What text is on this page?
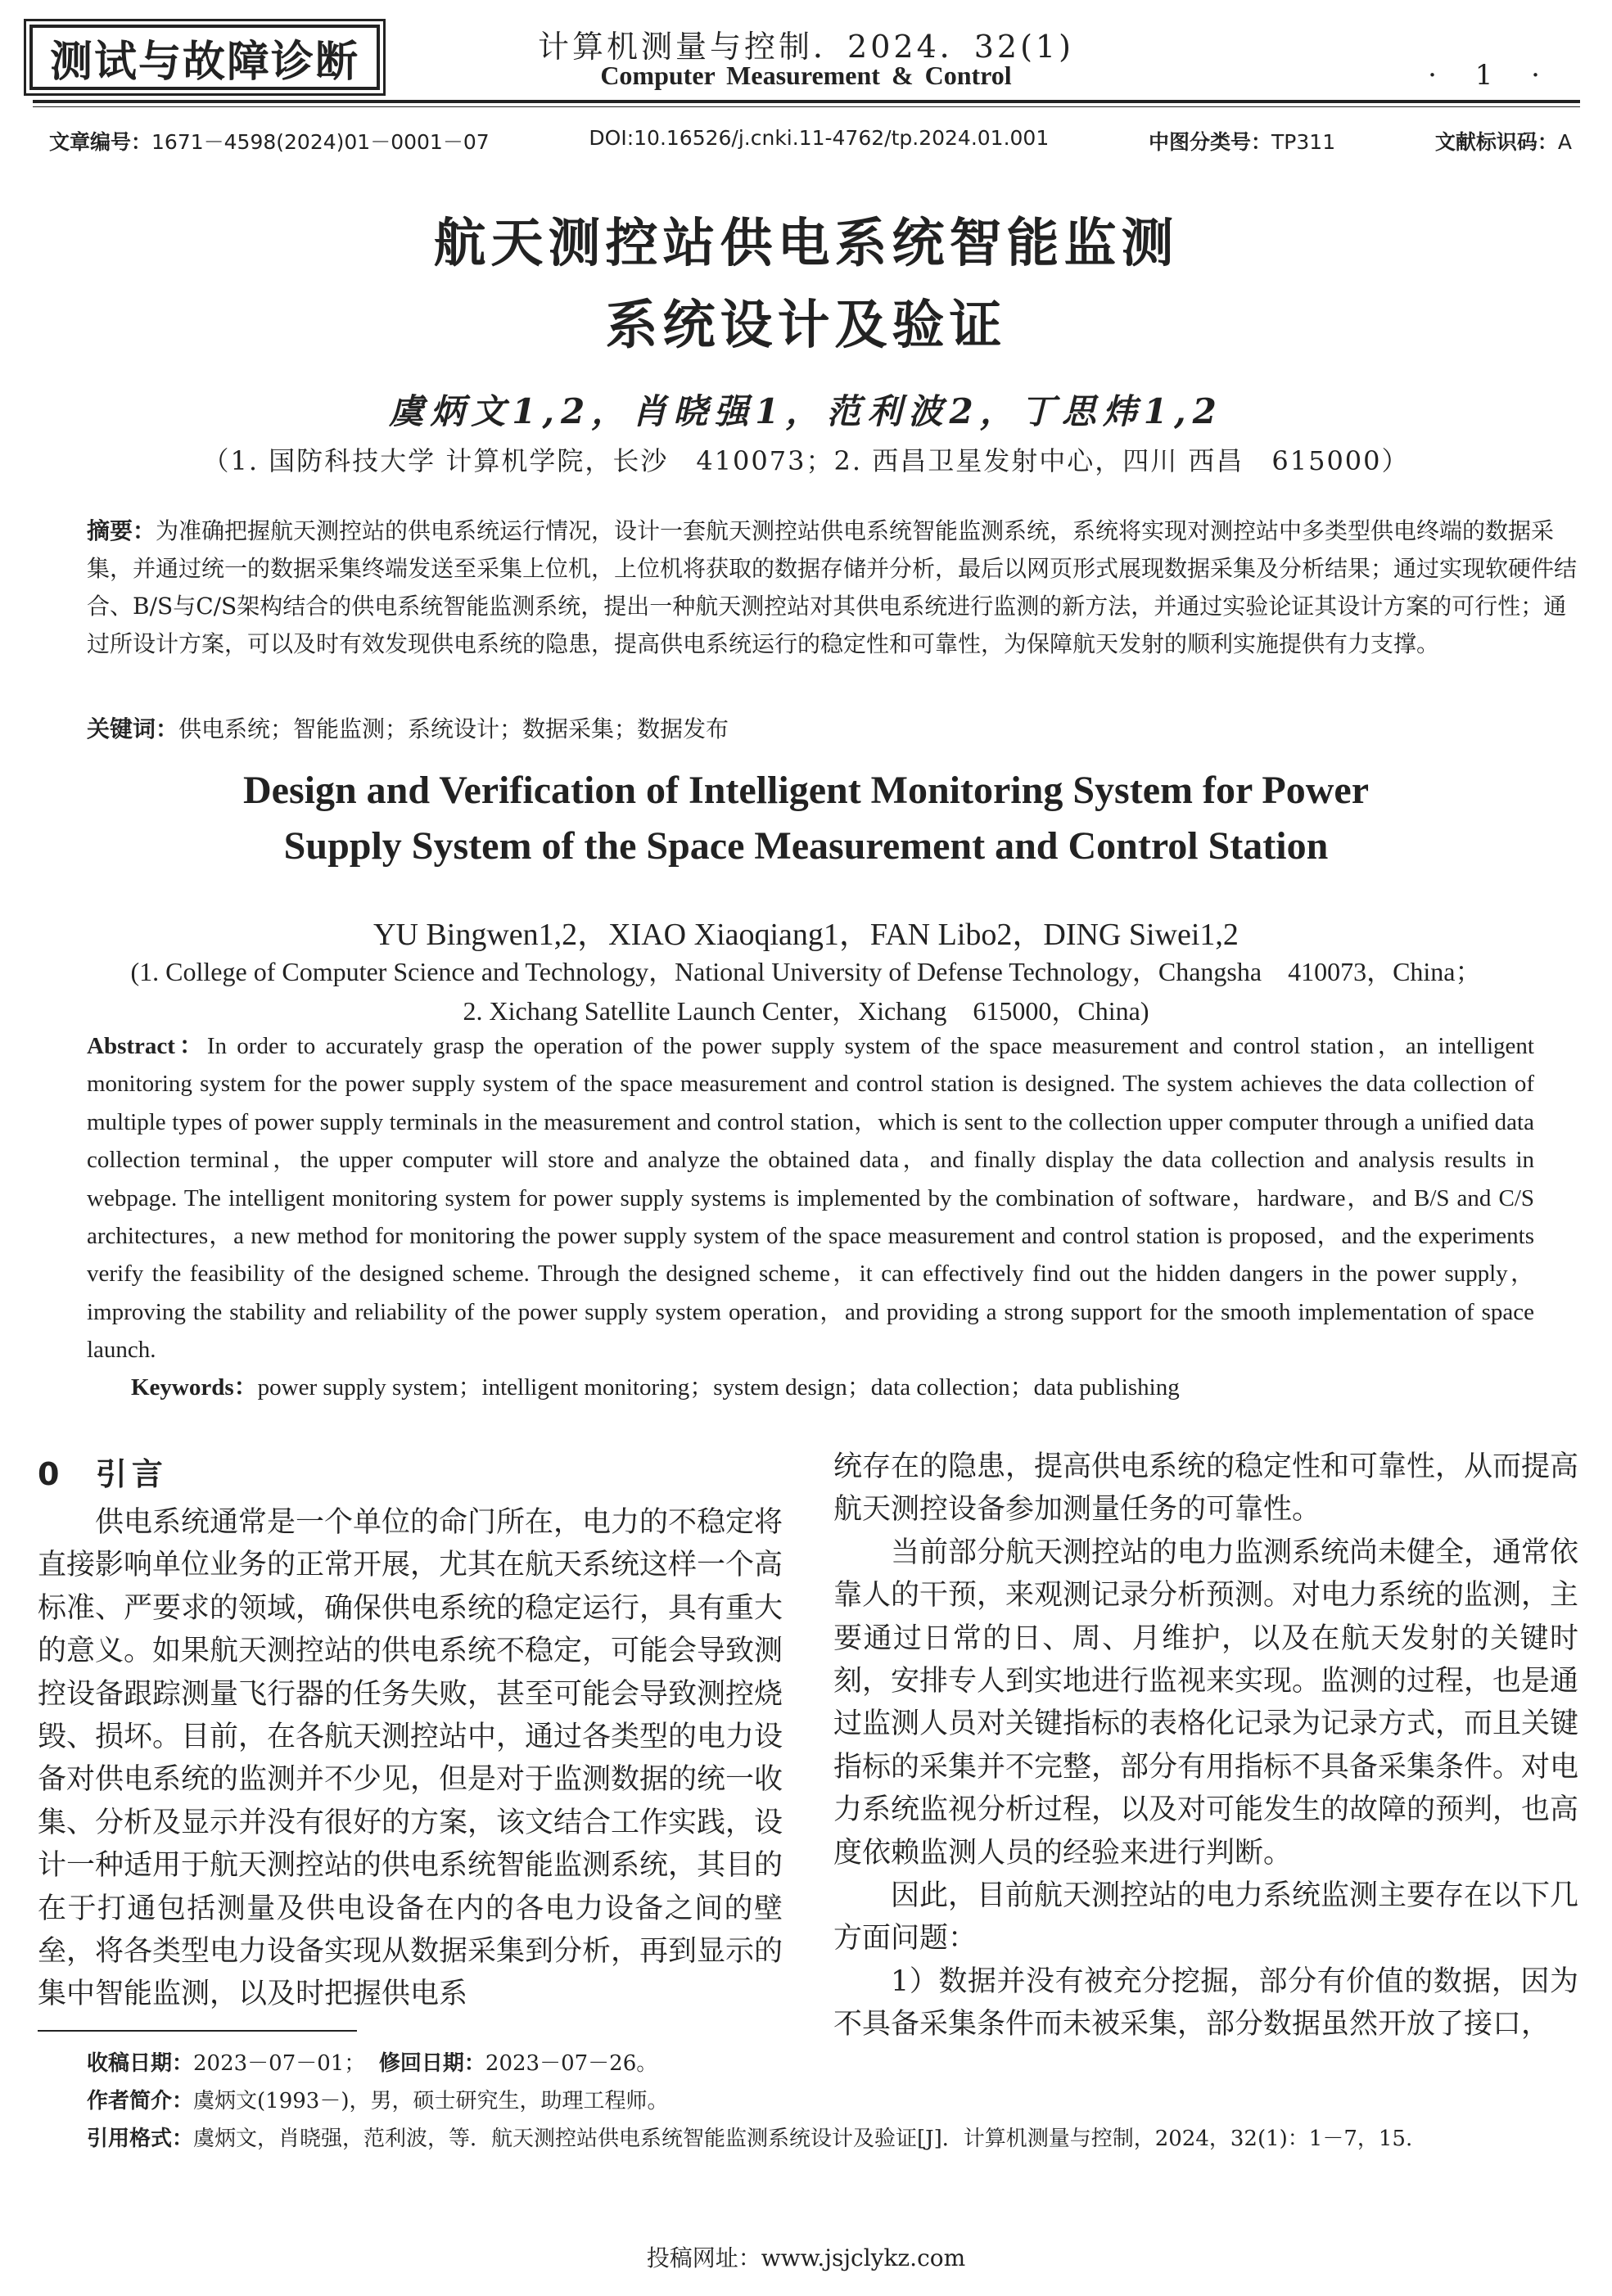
测试与故障诊断	计算机测量与控制．2024．32(1)
Computer Measurement & Control	· 1 ·
文章编号：1671－4598(2024)01－0001－07	DOI:10.16526/j.cnki.11-4762/tp.2024.01.001	中图分类号：TP311	文献标识码：A
航天测控站供电系统智能监测
系统设计及验证
虞炳文1,2，肖晓强1，范利波2，丁思炜1,2
（1. 国防科技大学 计算机学院，长沙　410073；2. 西昌卫星发射中心，四川 西昌　615000）
摘要：为准确把握航天测控站的供电系统运行情况，设计一套航天测控站供电系统智能监测系统，系统将实现对测控站中多类型供电终端的数据采集，并通过统一的数据采集终端发送至采集上位机，上位机将获取的数据存储并分析，最后以网页形式展现数据采集及分析结果；通过实现软硬件结合、B/S与C/S架构结合的供电系统智能监测系统，提出一种航天测控站对其供电系统进行监测的新方法，并通过实验论证其设计方案的可行性；通过所设计方案，可以及时有效发现供电系统的隐患，提高供电系统运行的稳定性和可靠性，为保障航天发射的顺利实施提供有力支撑。
关键词：供电系统；智能监测；系统设计；数据采集；数据发布
Design and Verification of Intelligent Monitoring System for Power
Supply System of the Space Measurement and Control Station
YU Bingwen1,2，XIAO Xiaoqiang1，FAN Libo2，DING Siwei1,2
(1. College of Computer Science and Technology，National University of Defense Technology，Changsha　410073，China；
2. Xichang Satellite Launch Center，Xichang　615000，China)
Abstract：In order to accurately grasp the operation of the power supply system of the space measurement and control station，an intelligent monitoring system for the power supply system of the space measurement and control station is designed. The system achieves the data collection of multiple types of power supply terminals in the measurement and control station，which is sent to the collection upper computer through a unified data collection terminal，the upper computer will store and analyze the obtained data，and finally display the data collection and analysis results in webpage. The intelligent monitoring system for power supply systems is implemented by the combination of software，hardware，and B/S and C/S architectures，a new method for monitoring the power supply system of the space measurement and control station is proposed，and the experiments verify the feasibility of the designed scheme. Through the designed scheme，it can effectively find out the hidden dangers in the power supply，improving the stability and reliability of the power supply system operation，and providing a strong support for the smooth implementation of space launch.
Keywords：power supply system；intelligent monitoring；system design；data collection；data publishing
0 引言

供电系统通常是一个单位的命门所在，电力的不稳定将直接影响单位业务的正常开展，尤其在航天系统这样一个高标准、严要求的领域，确保供电系统的稳定运行，具有重大的意义。如果航天测控站的供电系统不稳定，可能会导致测控设备跟踪测量飞行器的任务失败，甚至可能会导致测控烧毁、损坏。目前，在各航天测控站中，通过各类型的电力设备对供电系统的监测并不少见，但是对于监测数据的统一收集、分析及显示并没有很好的方案，该文结合工作实践，设计一种适用于航天测控站的供电系统智能监测系统，其目的在于打通包括测量及供电设备在内的各电力设备之间的壁垒，将各类型电力设备实现从数据采集到分析，再到显示的集中智能监测，以及时把握供电系

统存在的隐患，提高供电系统的稳定性和可靠性，从而提高航天测控设备参加测量任务的可靠性。

当前部分航天测控站的电力监测系统尚未健全，通常依靠人的干预，来观测记录分析预测。对电力系统的监测，主要通过日常的日、周、月维护，以及在航天发射的关键时刻，安排专人到实地进行监视来实现。监测的过程，也是通过监测人员对关键指标的表格化记录为记录方式，而且关键指标的采集并不完整，部分有用指标不具备采集条件。对电力系统监视分析过程，以及对可能发生的故障的预判，也高度依赖监测人员的经验来进行判断。

因此，目前航天测控站的电力系统监测主要存在以下几方面问题：

1）数据并没有被充分挖掘，部分有价值的数据，因为不具备采集条件而未被采集，部分数据虽然开放了接口，

收稿日期：2023－07－01； 修回日期：2023－07－26。
作者简介：虞炳文(1993－)，男，硕士研究生，助理工程师。
引用格式：虞炳文，肖晓强，范利波，等．航天测控站供电系统智能监测系统设计及验证[J]．计算机测量与控制，2024，32(1)：1－7，15.
投稿网址：www.jsjclykz.com
